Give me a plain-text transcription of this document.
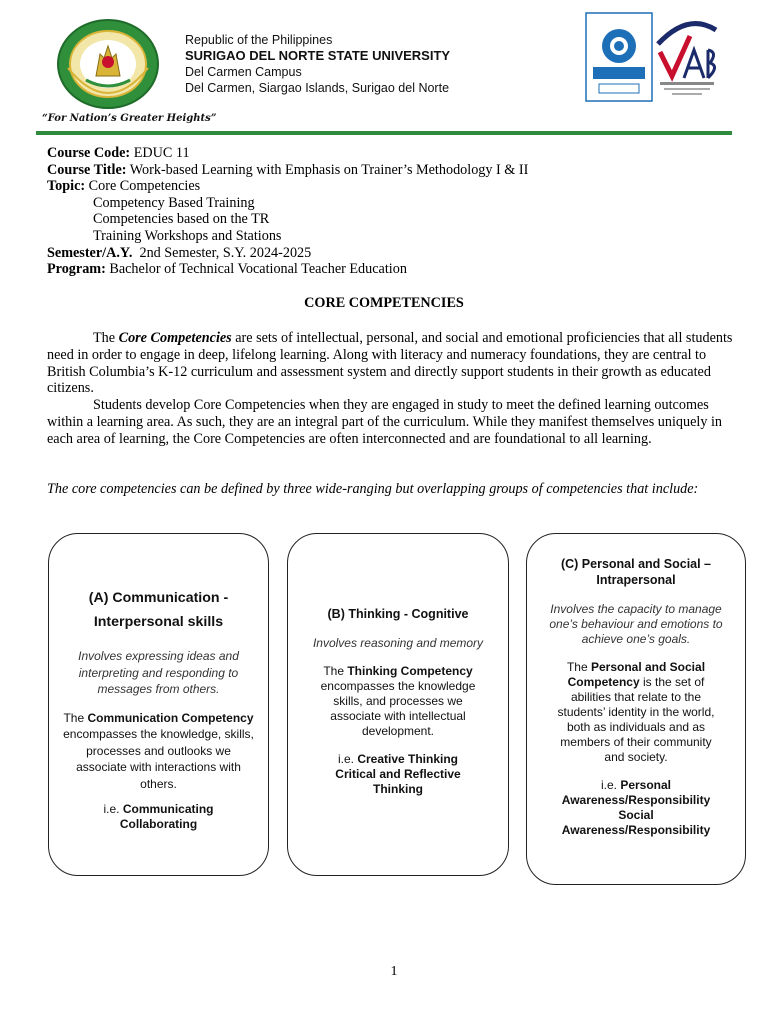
“For Nation’s Greater Heights”
Republic of the Philippines
SURIGAO DEL NORTE STATE UNIVERSITY
Del Carmen Campus
Del Carmen, Siargao Islands, Surigao del Norte
Course Code: EDUC 11
Course Title: Work-based Learning with Emphasis on Trainer’s Methodology I & II
Topic: Core Competencies
Competency Based Training
Competencies based on the TR
Training Workshops and Stations
Semester/A.Y. 2nd Semester, S.Y. 2024-2025
Program: Bachelor of Technical Vocational Teacher Education
CORE COMPETENCIES
The Core Competencies are sets of intellectual, personal, and social and emotional proficiencies that all students need in order to engage in deep, lifelong learning. Along with literacy and numeracy foundations, they are central to British Columbia’s K-12 curriculum and assessment system and directly support students in their growth as educated citizens.
Students develop Core Competencies when they are engaged in study to meet the defined learning outcomes within a learning area. As such, they are an integral part of the curriculum. While they manifest themselves uniquely in each area of learning, the Core Competencies are often interconnected and are foundational to all learning.
The core competencies can be defined by three wide-ranging but overlapping groups of competencies that include:

(A) Communication -

Interpersonal skills

Involves expressing ideas and interpreting and responding to messages from others.

The Communication Competency encompasses the knowledge, skills, processes and outlooks we associate with interactions with others.

i.e. Communicating
Collaborating

(B) Thinking - Cognitive

Involves reasoning and memory

The Thinking Competency encompasses the knowledge skills, and processes we associate with intellectual development.

i.e. Creative Thinking
Critical and Reflective Thinking

(C) Personal and Social –

Intrapersonal

Involves the capacity to manage one’s behaviour and emotions to achieve one’s goals.

The Personal and Social Competency is the set of abilities that relate to the students’ identity in the world, both as individuals and as members of their community and society.

i.e. Personal Awareness/Responsibility
Social Awareness/Responsibility

1
